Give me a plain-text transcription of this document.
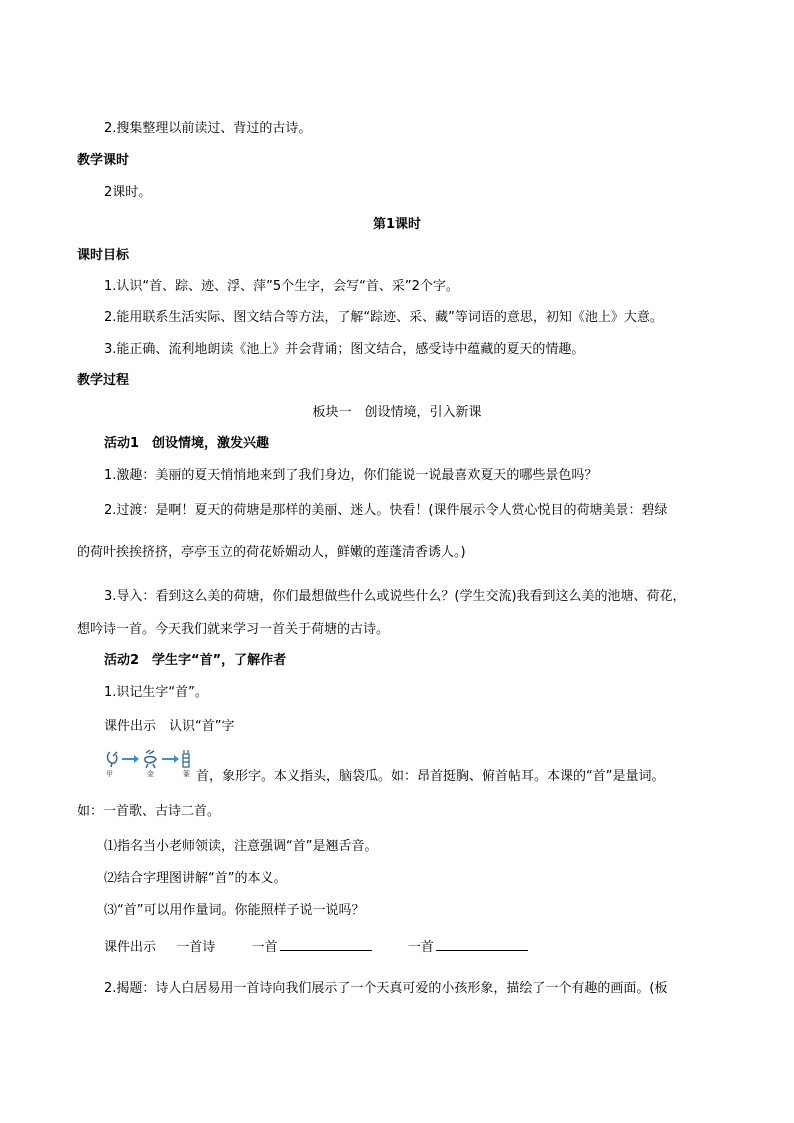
2.搜集整理以前读过、背过的古诗。
教学课时
2课时。
第1课时
课时目标
1.认识“首、踪、迹、浮、萍”5个生字，会写“首、采”2个字。
2.能用联系生活实际、图文结合等方法，了解“踪迹、采、藏”等词语的意思，初知《池上》大意。
3.能正确、流利地朗读《池上》并会背诵；图文结合，感受诗中蕴藏的夏天的情趣。
教学过程
板块一　创设情境，引入新课
活动1　创设情境，激发兴趣
1.激趣：美丽的夏天悄悄地来到了我们身边，你们能说一说最喜欢夏天的哪些景色吗？
2.过渡：是啊！夏天的荷塘是那样的美丽、迷人。快看！(课件展示令人赏心悦目的荷塘美景：碧绿
的荷叶挨挨挤挤，亭亭玉立的荷花娇媚动人，鲜嫩的莲蓬清香诱人。)
3.导入：看到这么美的荷塘，你们最想做些什么或说些什么？(学生交流)我看到这么美的池塘、荷花，
想吟诗一首。今天我们就来学习一首关于荷塘的古诗。
活动2　学生字“首”，了解作者
1.识记生字“首”。
课件出示　认识“首”字
甲	金	篆 首，象形字。本义指头，脑袋瓜。如：昂首挺胸、俯首帖耳。本课的“首”是量词。
如：一首歌、古诗二首。
⑴指名当小老师领读，注意强调“首”是翘舌音。
⑵结合字理图讲解“首”的本义。
⑶“首”可以用作量词。你能照样子说一说吗？
课件出示 一首诗	一首	一首
2.揭题：诗人白居易用一首诗向我们展示了一个天真可爱的小孩形象，描绘了一个有趣的画面。(板
